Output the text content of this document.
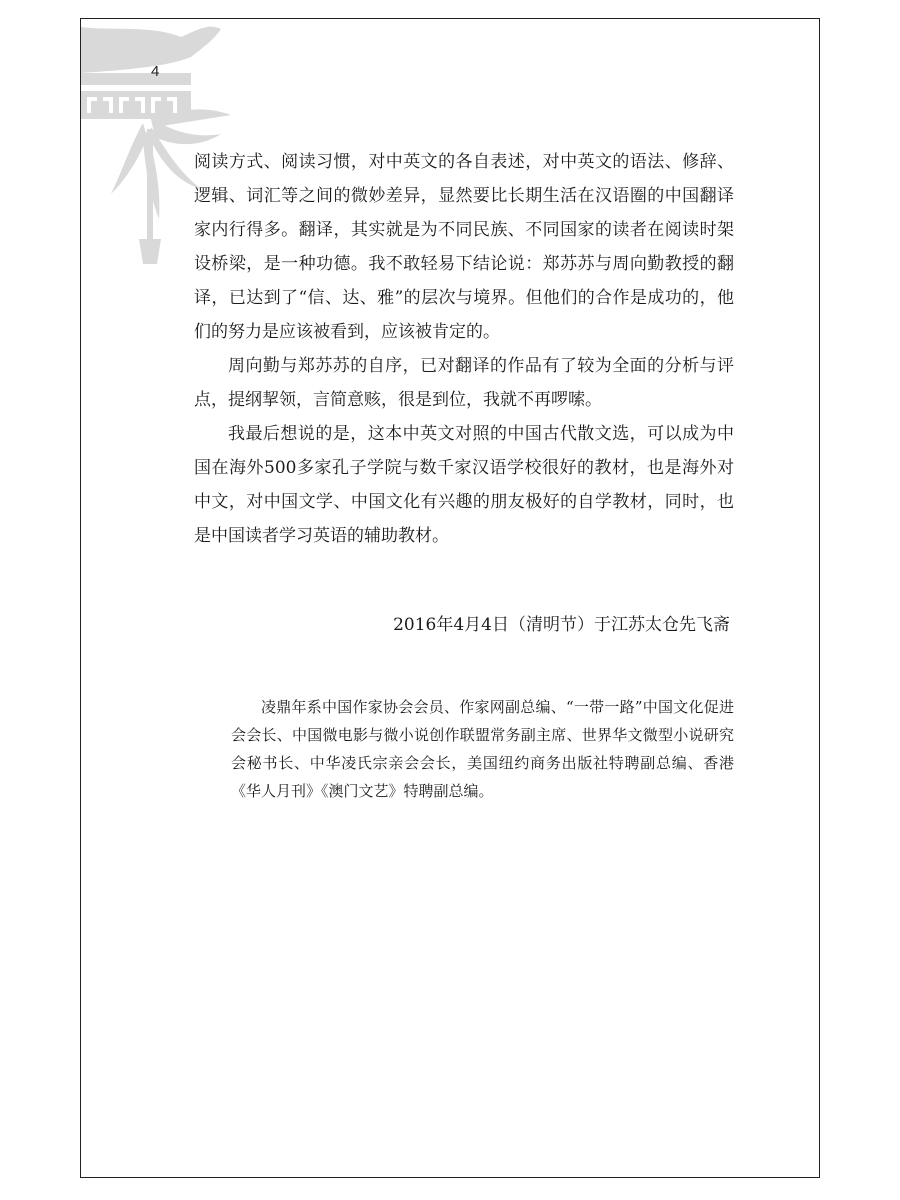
4

阅读方式、阅读习惯，对中英文的各自表述，对中英文的语法、修辞、逻辑、词汇等之间的微妙差异，显然要比长期生活在汉语圈的中国翻译家内行得多。翻译，其实就是为不同民族、不同国家的读者在阅读时架设桥梁，是一种功德。我不敢轻易下结论说：郑苏苏与周向勤教授的翻译，已达到了“信、达、雅”的层次与境界。但他们的合作是成功的，他们的努力是应该被看到，应该被肯定的。

周向勤与郑苏苏的自序，已对翻译的作品有了较为全面的分析与评点，提纲挈领，言简意赅，很是到位，我就不再啰嗦。

我最后想说的是，这本中英文对照的中国古代散文选，可以成为中国在海外500多家孔子学院与数千家汉语学校很好的教材，也是海外对中文，对中国文学、中国文化有兴趣的朋友极好的自学教材，同时，也是中国读者学习英语的辅助教材。

2016年4月4日（清明节）于江苏太仓先飞斋

凌鼎年系中国作家协会会员、作家网副总编、“一带一路”中国文化促进会会长、中国微电影与微小说创作联盟常务副主席、世界华文微型小说研究会秘书长、中华凌氏宗亲会会长，美国纽约商务出版社特聘副总编、香港《华人月刊》《澳门文艺》特聘副总编。
